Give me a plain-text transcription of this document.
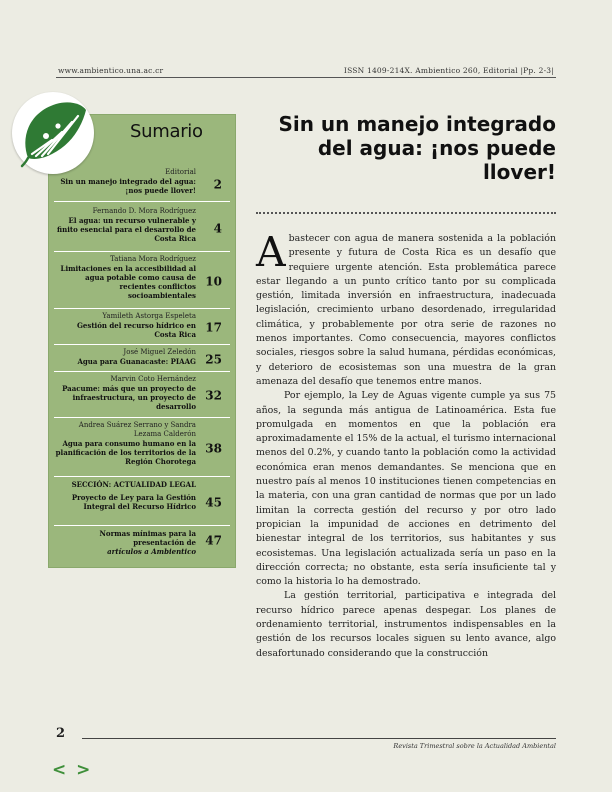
www.ambientico.una.ac.cr	ISSN 1409-214X. Ambientico 260, Editorial |Pp. 2-3|
Sumario
Editorial
Sin un manejo integrado del agua: ¡nos puede llover! 2
Fernando D. Mora Rodríguez
El agua: un recurso vulnerable y finito esencial para el desarrollo de Costa Rica
4
Tatiana Mora Rodríguez
Limitaciones en la accesibilidad al agua potable como causa de recientes conflictos socioambientales
10
Yamileth Astorga Espeleta
Gestión del recurso hídrico en Costa Rica 17
José Miguel Zeledón
Agua para Guanacaste: PIAAG 25
Marvin Coto Hernández
Paacume: más que un proyecto de infraestructura, un proyecto de desarrollo
32
Andrea Suárez Serrano y Sandra Lezama Calderón
Agua para consumo humano en la planificación de los territorios de la Región Chorotega
38
SECCIÓN: ACTUALIDAD LEGAL
Proyecto de Ley para la Gestión Integral del Recurso Hídrico 45
Normas mínimas para la presentación de
artículos a Ambientico
47
Sin un manejo integrado del agua: ¡nos puede llover!

Abastecer con agua de manera sostenida a la población presente y futura de Costa Rica es un desafío que requiere urgente atención. Esta problemática parece estar llegando a un punto crítico tanto por su complicada gestión, limitada inversión en infraestructura, inadecuada legislación, crecimiento urbano desordenado, irregularidad climática, y probablemente por otra serie de razones no menos importantes. Como consecuencia, mayores conflictos sociales, riesgos sobre la salud humana, pérdidas económicas, y deterioro de ecosistemas son una muestra de la gran amenaza del desafío que tenemos entre manos.

Por ejemplo, la Ley de Aguas vigente cumple ya sus 75 años, la segunda más antigua de Latinoamérica. Esta fue promulgada en momentos en que la población era aproximadamente el 15% de la actual, el turismo internacional menos del 0.2%, y cuando tanto la población como la actividad económica eran menos demandantes. Se menciona que en nuestro país al menos 10 instituciones tienen competencias en la materia, con una gran cantidad de normas que por un lado limitan la correcta gestión del recurso y por otro lado propician la impunidad de acciones en detrimento del bienestar integral de los territorios, sus habitantes y sus ecosistemas. Una legislación actualizada sería un paso en la dirección correcta; no obstante, esta sería insuficiente tal y como la historia lo ha demostrado.

La gestión territorial, participativa e integrada del recurso hídrico parece apenas despegar. Los planes de ordenamiento territorial, instrumentos indispensables en la gestión de los recursos locales siguen su lento avance, algo desafortunado considerando que la construcción

2
Revista Trimestral sobre la Actualidad Ambiental
< >
